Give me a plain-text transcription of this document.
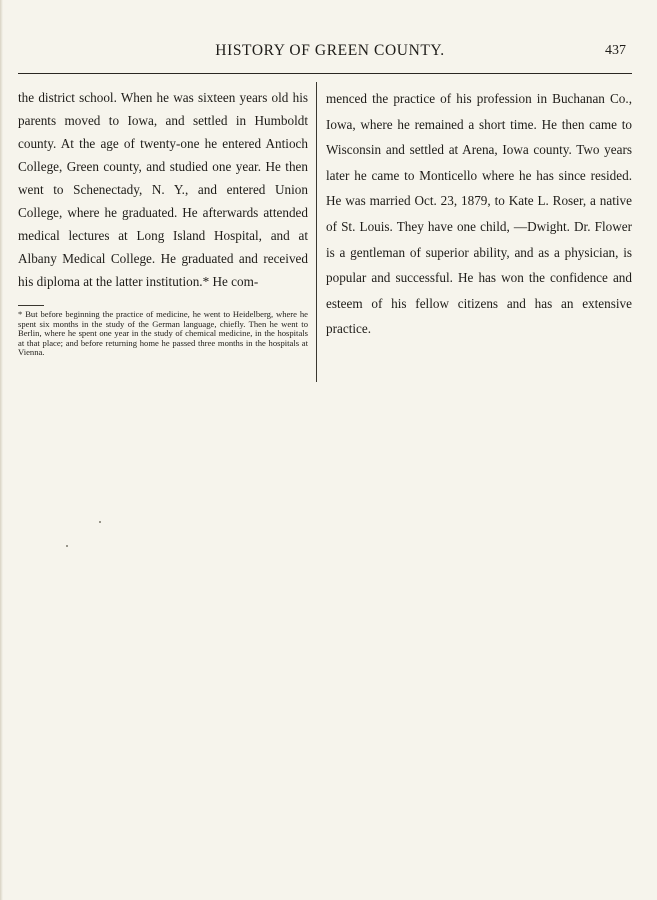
HISTORY OF GREEN COUNTY.	437

the district school. When he was sixteen years old his parents moved to Iowa, and settled in Humboldt county. At the age of twenty-one he entered Antioch College, Green county, and studied one year. He then went to Schenectady, N. Y., and entered Union College, where he graduated. He afterwards attended medical lectures at Long Island Hospital, and at Albany Medical College. He graduated and received his diploma at the latter institution.* He com-

* But before beginning the practice of medicine, he went to Heidelberg, where he spent six months in the study of the German language, chiefly. Then he went to Berlin, where he spent one year in the study of chemical medicine, in the hospitals at that place; and before returning home he passed three months in the hospitals at Vienna.

menced the practice of his profession in Buchanan Co., Iowa, where he remained a short time. He then came to Wisconsin and settled at Arena, Iowa county. Two years later he came to Monticello where he has since resided. He was married Oct. 23, 1879, to Kate L. Roser, a native of St. Louis. They have one child, —Dwight. Dr. Flower is a gentleman of superior ability, and as a physician, is popular and successful. He has won the confidence and esteem of his fellow citizens and has an extensive practice.
